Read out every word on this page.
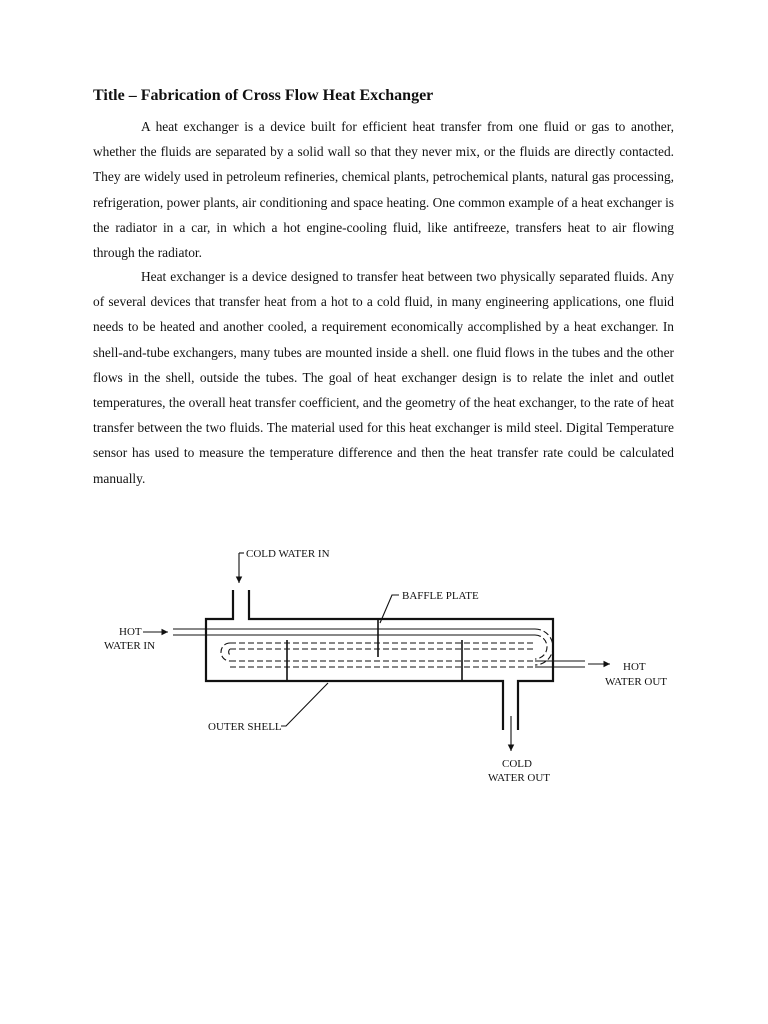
Title – Fabrication of Cross Flow Heat Exchanger

A heat exchanger is a device built for efficient heat transfer from one fluid or gas to another, whether the fluids are separated by a solid wall so that they never mix, or the fluids are directly contacted. They are widely used in petroleum refineries, chemical plants, petrochemical plants, natural gas processing, refrigeration, power plants, air conditioning and space heating. One common example of a heat exchanger is the radiator in a car, in which a hot engine-cooling fluid, like antifreeze, transfers heat to air flowing through the radiator.

Heat exchanger is a device designed to transfer heat between two physically separated fluids. Any of several devices that transfer heat from a hot to a cold fluid, in many engineering applications, one fluid needs to be heated and another cooled, a requirement economically accomplished by a heat exchanger. In shell-and-tube exchangers, many tubes are mounted inside a shell. one fluid flows in the tubes and the other flows in the shell, outside the tubes. The goal of heat exchanger design is to relate the inlet and outlet temperatures, the overall heat transfer coefficient, and the geometry of the heat exchanger, to the rate of heat transfer between the two fluids. The material used for this heat exchanger is mild steel. Digital Temperature sensor has used to measure the temperature difference and then the heat transfer rate could be calculated manually.

COLD WATER IN
BAFFLE PLATE
HOT
WATER IN
HOT
WATER OUT
OUTER SHELL
COLD
WATER OUT
